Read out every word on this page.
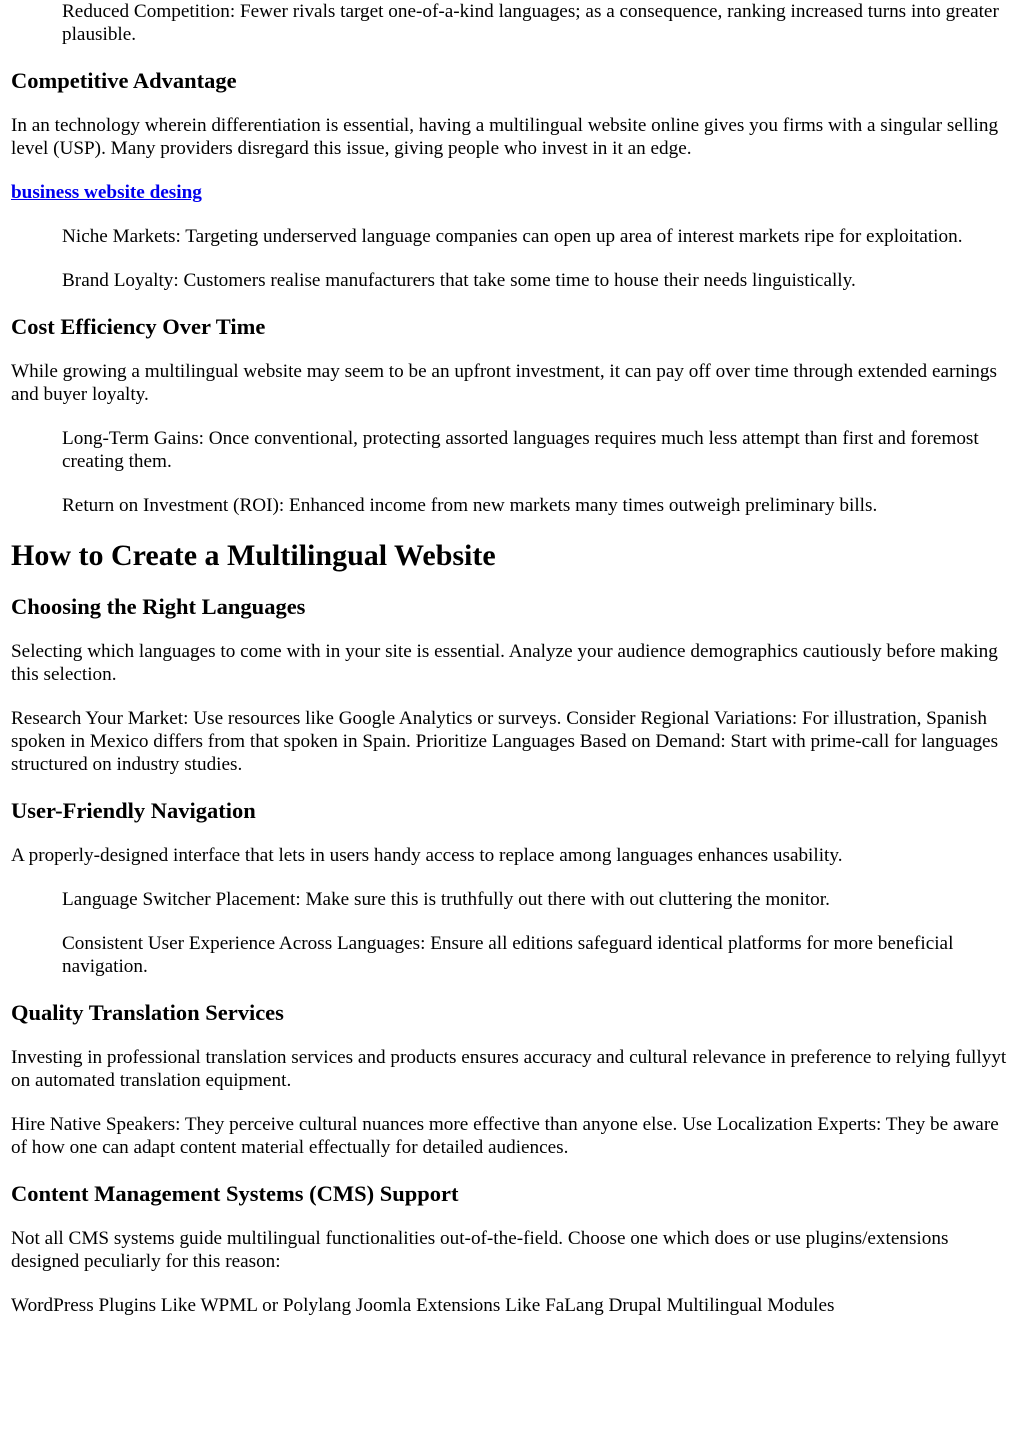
Reduced Competition: Fewer rivals target one-of-a-kind languages; as a consequence, ranking increased turns into greater plausible.

Competitive Advantage

In an technology wherein differentiation is essential, having a multilingual website online gives you firms with a singular selling level (USP). Many providers disregard this issue, giving people who invest in it an edge.

business website desing

Niche Markets: Targeting underserved language companies can open up area of interest markets ripe for exploitation.

Brand Loyalty: Customers realise manufacturers that take some time to house their needs linguistically.

Cost Efficiency Over Time

While growing a multilingual website may seem to be an upfront investment, it can pay off over time through extended earnings and buyer loyalty.

Long-Term Gains: Once conventional, protecting assorted languages requires much less attempt than first and foremost creating them.

Return on Investment (ROI): Enhanced income from new markets many times outweigh preliminary bills.

How to Create a Multilingual Website
Choosing the Right Languages

Selecting which languages to come with in your site is essential. Analyze your audience demographics cautiously before making this selection.

Research Your Market: Use resources like Google Analytics or surveys. Consider Regional Variations: For illustration, Spanish spoken in Mexico differs from that spoken in Spain. Prioritize Languages Based on Demand: Start with prime-call for languages structured on industry studies.

User-Friendly Navigation

A properly-designed interface that lets in users handy access to replace among languages enhances usability.

Language Switcher Placement: Make sure this is truthfully out there with out cluttering the monitor.

Consistent User Experience Across Languages: Ensure all editions safeguard identical platforms for more beneficial navigation.

Quality Translation Services

Investing in professional translation services and products ensures accuracy and cultural relevance in preference to relying fullyyt on automated translation equipment.

Hire Native Speakers: They perceive cultural nuances more effective than anyone else. Use Localization Experts: They be aware of how one can adapt content material effectually for detailed audiences.

Content Management Systems (CMS) Support

Not all CMS systems guide multilingual functionalities out-of-the-field. Choose one which does or use plugins/extensions designed peculiarly for this reason:

WordPress Plugins Like WPML or Polylang Joomla Extensions Like FaLang Drupal Multilingual Modules
